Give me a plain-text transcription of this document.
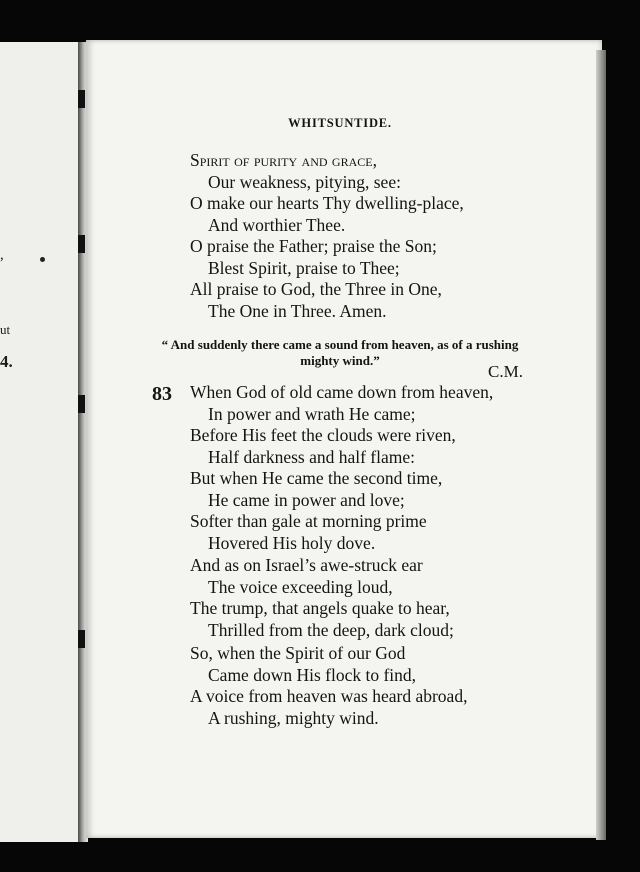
,
ut
4.
WHITSUNTIDE.
Spirit of purity and grace,
Our weakness, pitying, see:
O make our hearts Thy dwelling-place,
And worthier Thee.
O praise the Father; praise the Son;
Blest Spirit, praise to Thee;
All praise to God, the Three in One,
The One in Three. Amen.
“ And suddenly there came a sound from heaven, as of a rushing mighty wind.”
C.M.
83 When God of old came down from heaven,
In power and wrath He came;
Before His feet the clouds were riven,
Half darkness and half flame:
But when He came the second time,
He came in power and love;
Softer than gale at morning prime
Hovered His holy dove.
And as on Israel’s awe-struck ear
The voice exceeding loud,
The trump, that angels quake to hear,
Thrilled from the deep, dark cloud;
So, when the Spirit of our God
Came down His flock to find,
A voice from heaven was heard abroad,
A rushing, mighty wind.
